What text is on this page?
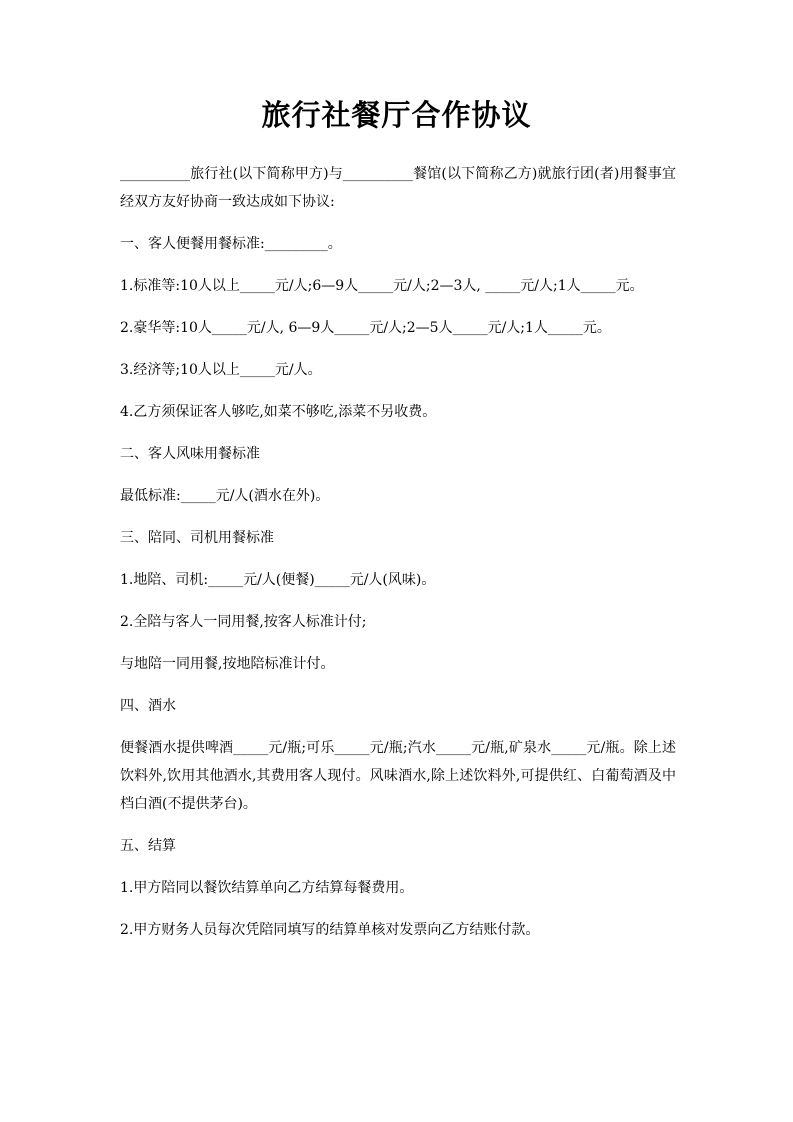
旅行社餐厅合作协议

__________旅行社(以下简称甲方)与__________餐馆(以下简称乙方)就旅行团(者)用餐事宜经双方友好协商一致达成如下协议:

一、客人便餐用餐标准:_________。

1.标准等:10人以上_____元/人;6—9人_____元/人;2—3人, _____元/人;1人_____元。

2.豪华等:10人_____元/人, 6—9人_____元/人;2—5人_____元/人;1人_____元。

3.经济等;10人以上_____元/人。

4.乙方须保证客人够吃,如菜不够吃,添菜不另收费。

二、客人风味用餐标准

最低标准:_____元/人(酒水在外)。

三、陪同、司机用餐标准

1.地陪、司机:_____元/人(便餐)_____元/人(风味)。

2.全陪与客人一同用餐,按客人标准计付;

与地陪一同用餐,按地陪标准计付。

四、酒水

便餐酒水提供啤酒_____元/瓶;可乐_____元/瓶;汽水_____元/瓶,矿泉水_____元/瓶。除上述饮料外,饮用其他酒水,其费用客人现付。风味酒水,除上述饮料外,可提供红、白葡萄酒及中档白酒(不提供茅台)。

五、结算

1.甲方陪同以餐饮结算单向乙方结算每餐费用。

2.甲方财务人员每次凭陪同填写的结算单核对发票向乙方结账付款。
